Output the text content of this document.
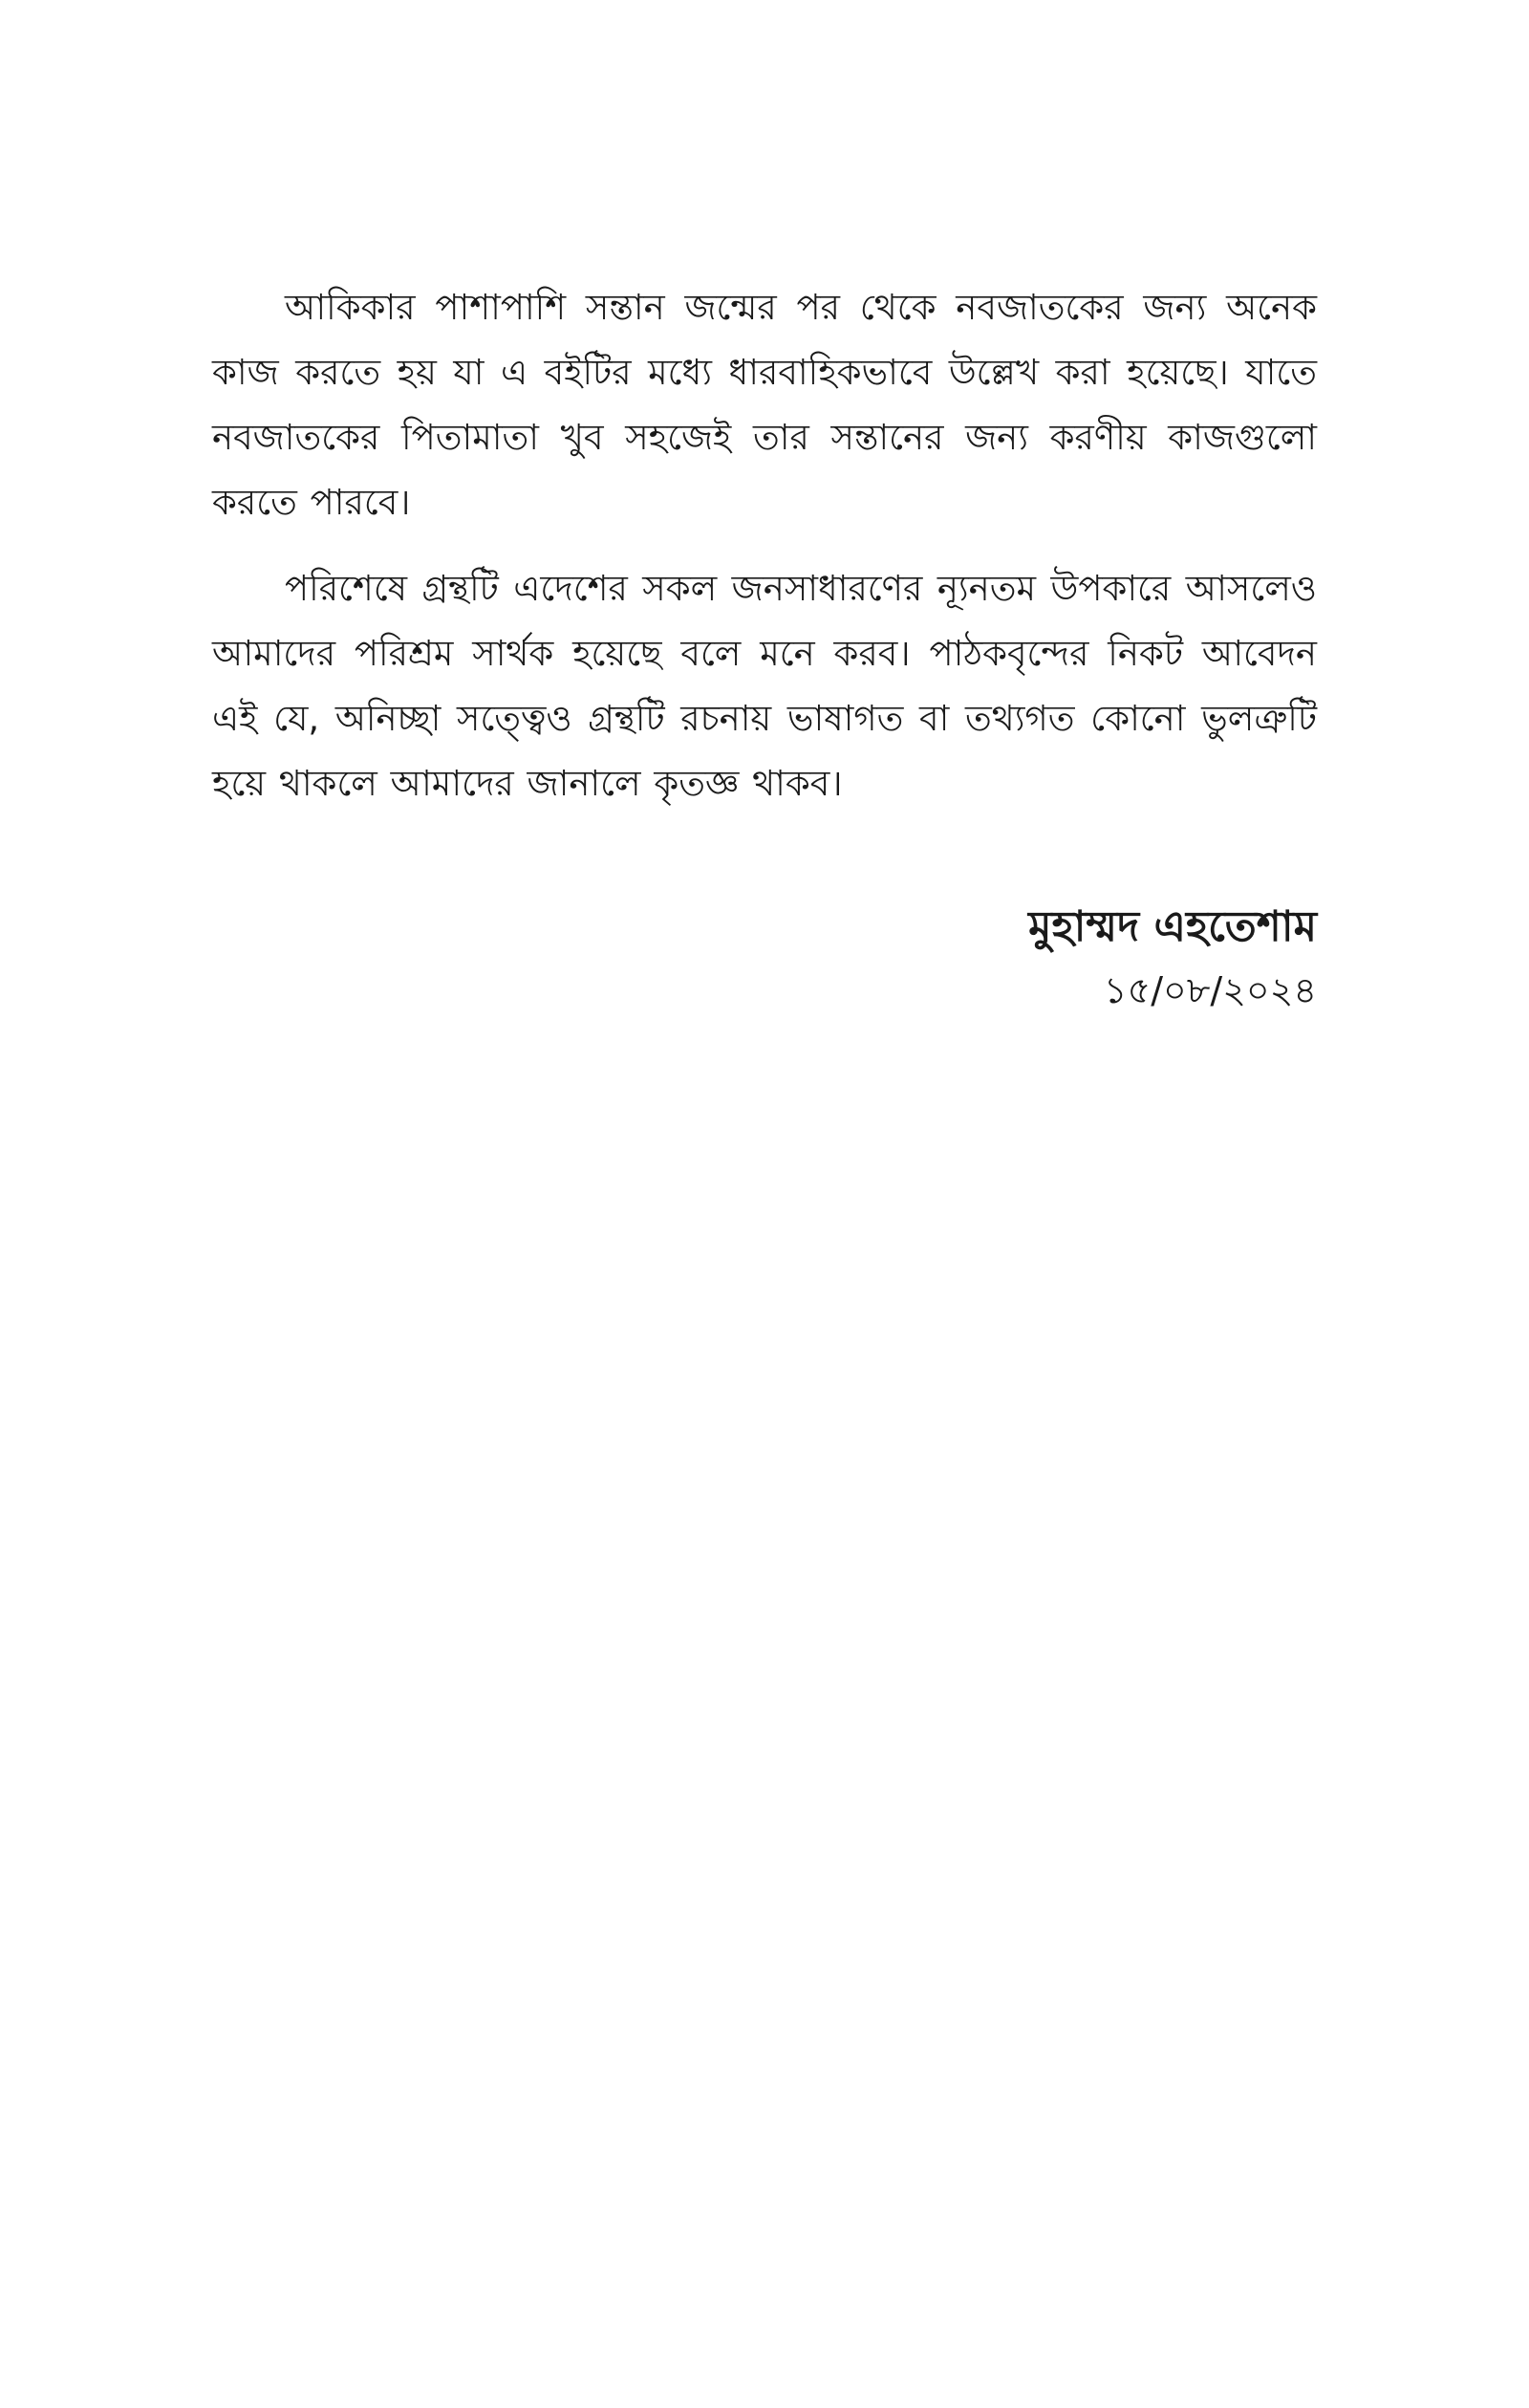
আকিকার পাশাপাশি সন্তান জন্মের পর থেকে নবজাতকের জন্য অনেক কাজ করতে হয় যা এ বইটির মধ্যে ধারবাহিকভাবে উল্লেখ করা হয়েছে। যাতে নবজাতকের পিতামাতা খুব সহজেই তার সন্তানের জন্য করণীয় কাজগুলো করতে পারবে।

পরিশেষে গ্রন্থটি এদেশের সকল জনসাধারণের ন্যূনতম উপকারে আসলেও আমাদের পরিশ্রম সার্থক হয়েছে বলে মনে করব। পাঠকবৃন্দের নিকট আবেদন এই যে, অনিচ্ছা সত্ত্বেও গ্রন্থটি রচনায় ভাষাগত বা তথ্যগত কোনো ভুলত্রুটি হয়ে থাকলে আমাদের জানালে কৃতজ্ঞ থাকব।

মুহাম্মদ এহতেশাম

১৫/০৮/২০২৪
